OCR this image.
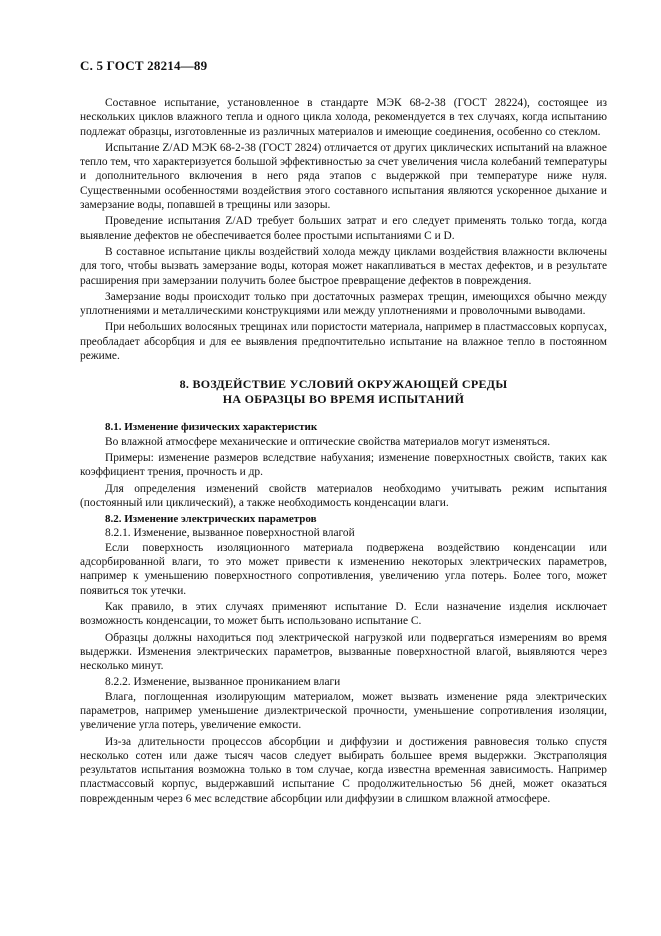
С. 5 ГОСТ 28214—89

Составное испытание, установленное в стандарте МЭК 68-2-38 (ГОСТ 28224), состоящее из нескольких циклов влажного тепла и одного цикла холода, рекомендуется в тех случаях, когда испытанию подлежат образцы, изготовленные из различных материалов и имеющие соединения, особенно со стеклом.

Испытание Z/AD МЭК 68-2-38 (ГОСТ 2824) отличается от других циклических испытаний на влажное тепло тем, что характеризуется большой эффективностью за счет увеличения числа колебаний температуры и дополнительного включения в него ряда этапов с выдержкой при температуре ниже нуля. Существенными особенностями воздействия этого составного испытания являются ускоренное дыхание и замерзание воды, попавшей в трещины или зазоры.

Проведение испытания Z/AD требует больших затрат и его следует применять только тогда, когда выявление дефектов не обеспечивается более простыми испытаниями С и D.

В составное испытание циклы воздействий холода между циклами воздействия влажности включены для того, чтобы вызвать замерзание воды, которая может накапливаться в местах дефектов, и в результате расширения при замерзании получить более быстрое превращение дефектов в повреждения.

Замерзание воды происходит только при достаточных размерах трещин, имеющихся обычно между уплотнениями и металлическими конструкциями или между уплотнениями и проволочными выводами.

При небольших волосяных трещинах или пористости материала, например в пластмассовых корпусах, преобладает абсорбция и для ее выявления предпочтительно испытание на влажное тепло в постоянном режиме.

8. ВОЗДЕЙСТВИЕ УСЛОВИЙ ОКРУЖАЮЩЕЙ СРЕДЫ
НА ОБРАЗЦЫ ВО ВРЕМЯ ИСПЫТАНИЙ

8.1. Изменение физических характеристик

Во влажной атмосфере механические и оптические свойства материалов могут изменяться.

Примеры: изменение размеров вследствие набухания; изменение поверхностных свойств, таких как коэффициент трения, прочность и др.

Для определения изменений свойств материалов необходимо учитывать режим испытания (постоянный или циклический), а также необходимость конденсации влаги.

8.2. Изменение электрических параметров

8.2.1. Изменение, вызванное поверхностной влагой

Если поверхность изоляционного материала подвержена воздействию конденсации или адсорбированной влаги, то это может привести к изменению некоторых электрических параметров, например к уменьшению поверхностного сопротивления, увеличению угла потерь. Более того, может появиться ток утечки.

Как правило, в этих случаях применяют испытание D. Если назначение изделия исключает возможность конденсации, то может быть использовано испытание С.

Образцы должны находиться под электрической нагрузкой или подвергаться измерениям во время выдержки. Изменения электрических параметров, вызванные поверхностной влагой, выявляются через несколько минут.

8.2.2. Изменение, вызванное прониканием влаги

Влага, поглощенная изолирующим материалом, может вызвать изменение ряда электрических параметров, например уменьшение диэлектрической прочности, уменьшение сопротивления изоляции, увеличение угла потерь, увеличение емкости.

Из-за длительности процессов абсорбции и диффузии и достижения равновесия только спустя несколько сотен или даже тысяч часов следует выбирать большее время выдержки. Экстраполяция результатов испытания возможна только в том случае, когда известна временная зависимость. Например пластмассовый корпус, выдержавший испытание С продолжительностью 56 дней, может оказаться поврежденным через 6 мес вследствие абсорбции или диффузии в слишком влажной атмосфере.
